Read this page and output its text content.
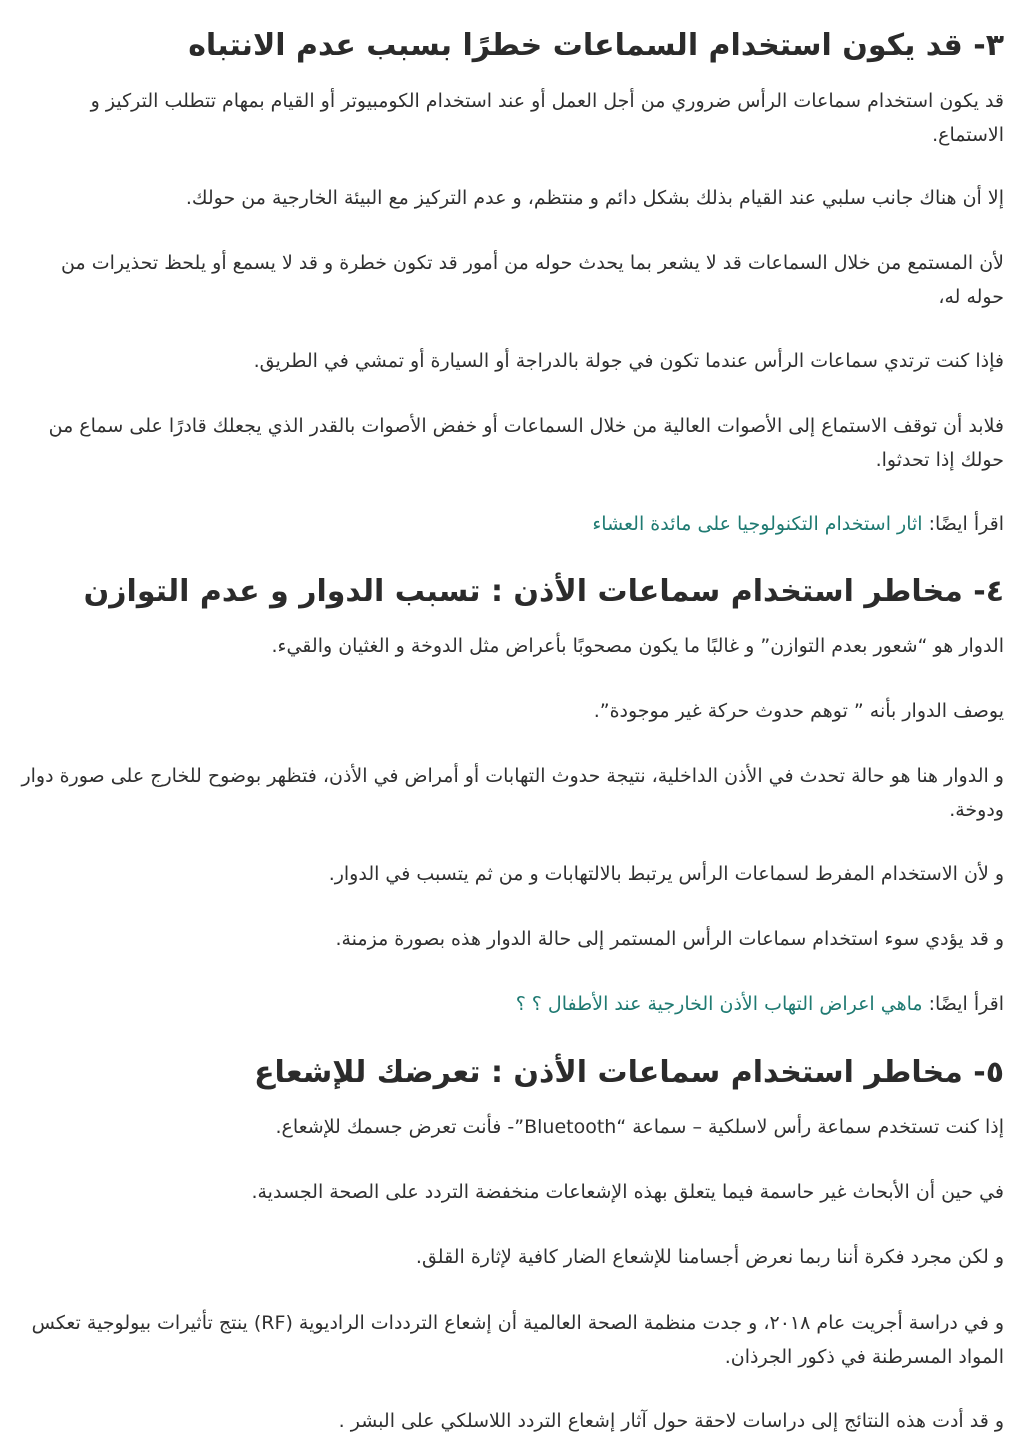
٣- قد يكون استخدام السماعات خطرًا بسبب عدم الانتباه

قد يكون استخدام سماعات الرأس ضروري من أجل العمل أو عند استخدام الكومبيوتر أو القيام بمهام تتطلب التركيز و الاستماع.

إلا أن هناك جانب سلبي عند القيام بذلك بشكل دائم و منتظم، و عدم التركيز مع البيئة الخارجية من حولك.

لأن المستمع من خلال السماعات قد لا يشعر بما يحدث حوله من أمور قد تكون خطرة و قد لا يسمع أو يلحظ تحذيرات من حوله له،

فإذا كنت ترتدي سماعات الرأس عندما تكون في جولة بالدراجة أو السيارة أو تمشي في الطريق.

فلابد أن توقف الاستماع إلى الأصوات العالية من خلال السماعات أو خفض الأصوات بالقدر الذي يجعلك قادرًا على سماع من حولك إذا تحدثوا.

اقرأ ايضًا: اثار استخدام التكنولوجيا على مائدة العشاء

٤- مخاطر استخدام سماعات الأذن : تسبب الدوار و عدم التوازن

الدوار هو “شعور بعدم التوازن” و غالبًا ما يكون مصحوبًا بأعراض مثل الدوخة و الغثيان والقيء.

يوصف الدوار بأنه ” توهم حدوث حركة غير موجودة”.

و الدوار هنا هو حالة تحدث في الأذن الداخلية، نتيجة حدوث التهابات أو أمراض في الأذن، فتظهر بوضوح للخارج على صورة دوار ودوخة.

و لأن الاستخدام المفرط لسماعات الرأس يرتبط بالالتهابات و من ثم يتسبب في الدوار.

و قد يؤدي سوء استخدام سماعات الرأس المستمر إلى حالة الدوار هذه بصورة مزمنة.

اقرأ ايضًا: ماهي اعراض التهاب الأذن الخارجية عند الأطفال ؟ ؟

٥- مخاطر استخدام سماعات الأذن : تعرضك للإشعاع

إذا كنت تستخدم سماعة رأس لاسلكية – سماعة “Bluetooth”- فأنت تعرض جسمك للإشعاع.

في حين أن الأبحاث غير حاسمة فيما يتعلق بهذه الإشعاعات منخفضة التردد على الصحة الجسدية.

و لكن مجرد فكرة أننا ربما نعرض أجسامنا للإشعاع الضار كافية لإثارة القلق.

و في دراسة أجريت عام ٢٠١٨، و جدت منظمة الصحة العالمية أن إشعاع الترددات الراديوية (RF) ينتج تأثيرات بيولوجية تعكس المواد المسرطنة في ذكور الجرذان.

و قد أدت هذه النتائج إلى دراسات لاحقة حول آثار إشعاع التردد اللاسلكي على البشر .
